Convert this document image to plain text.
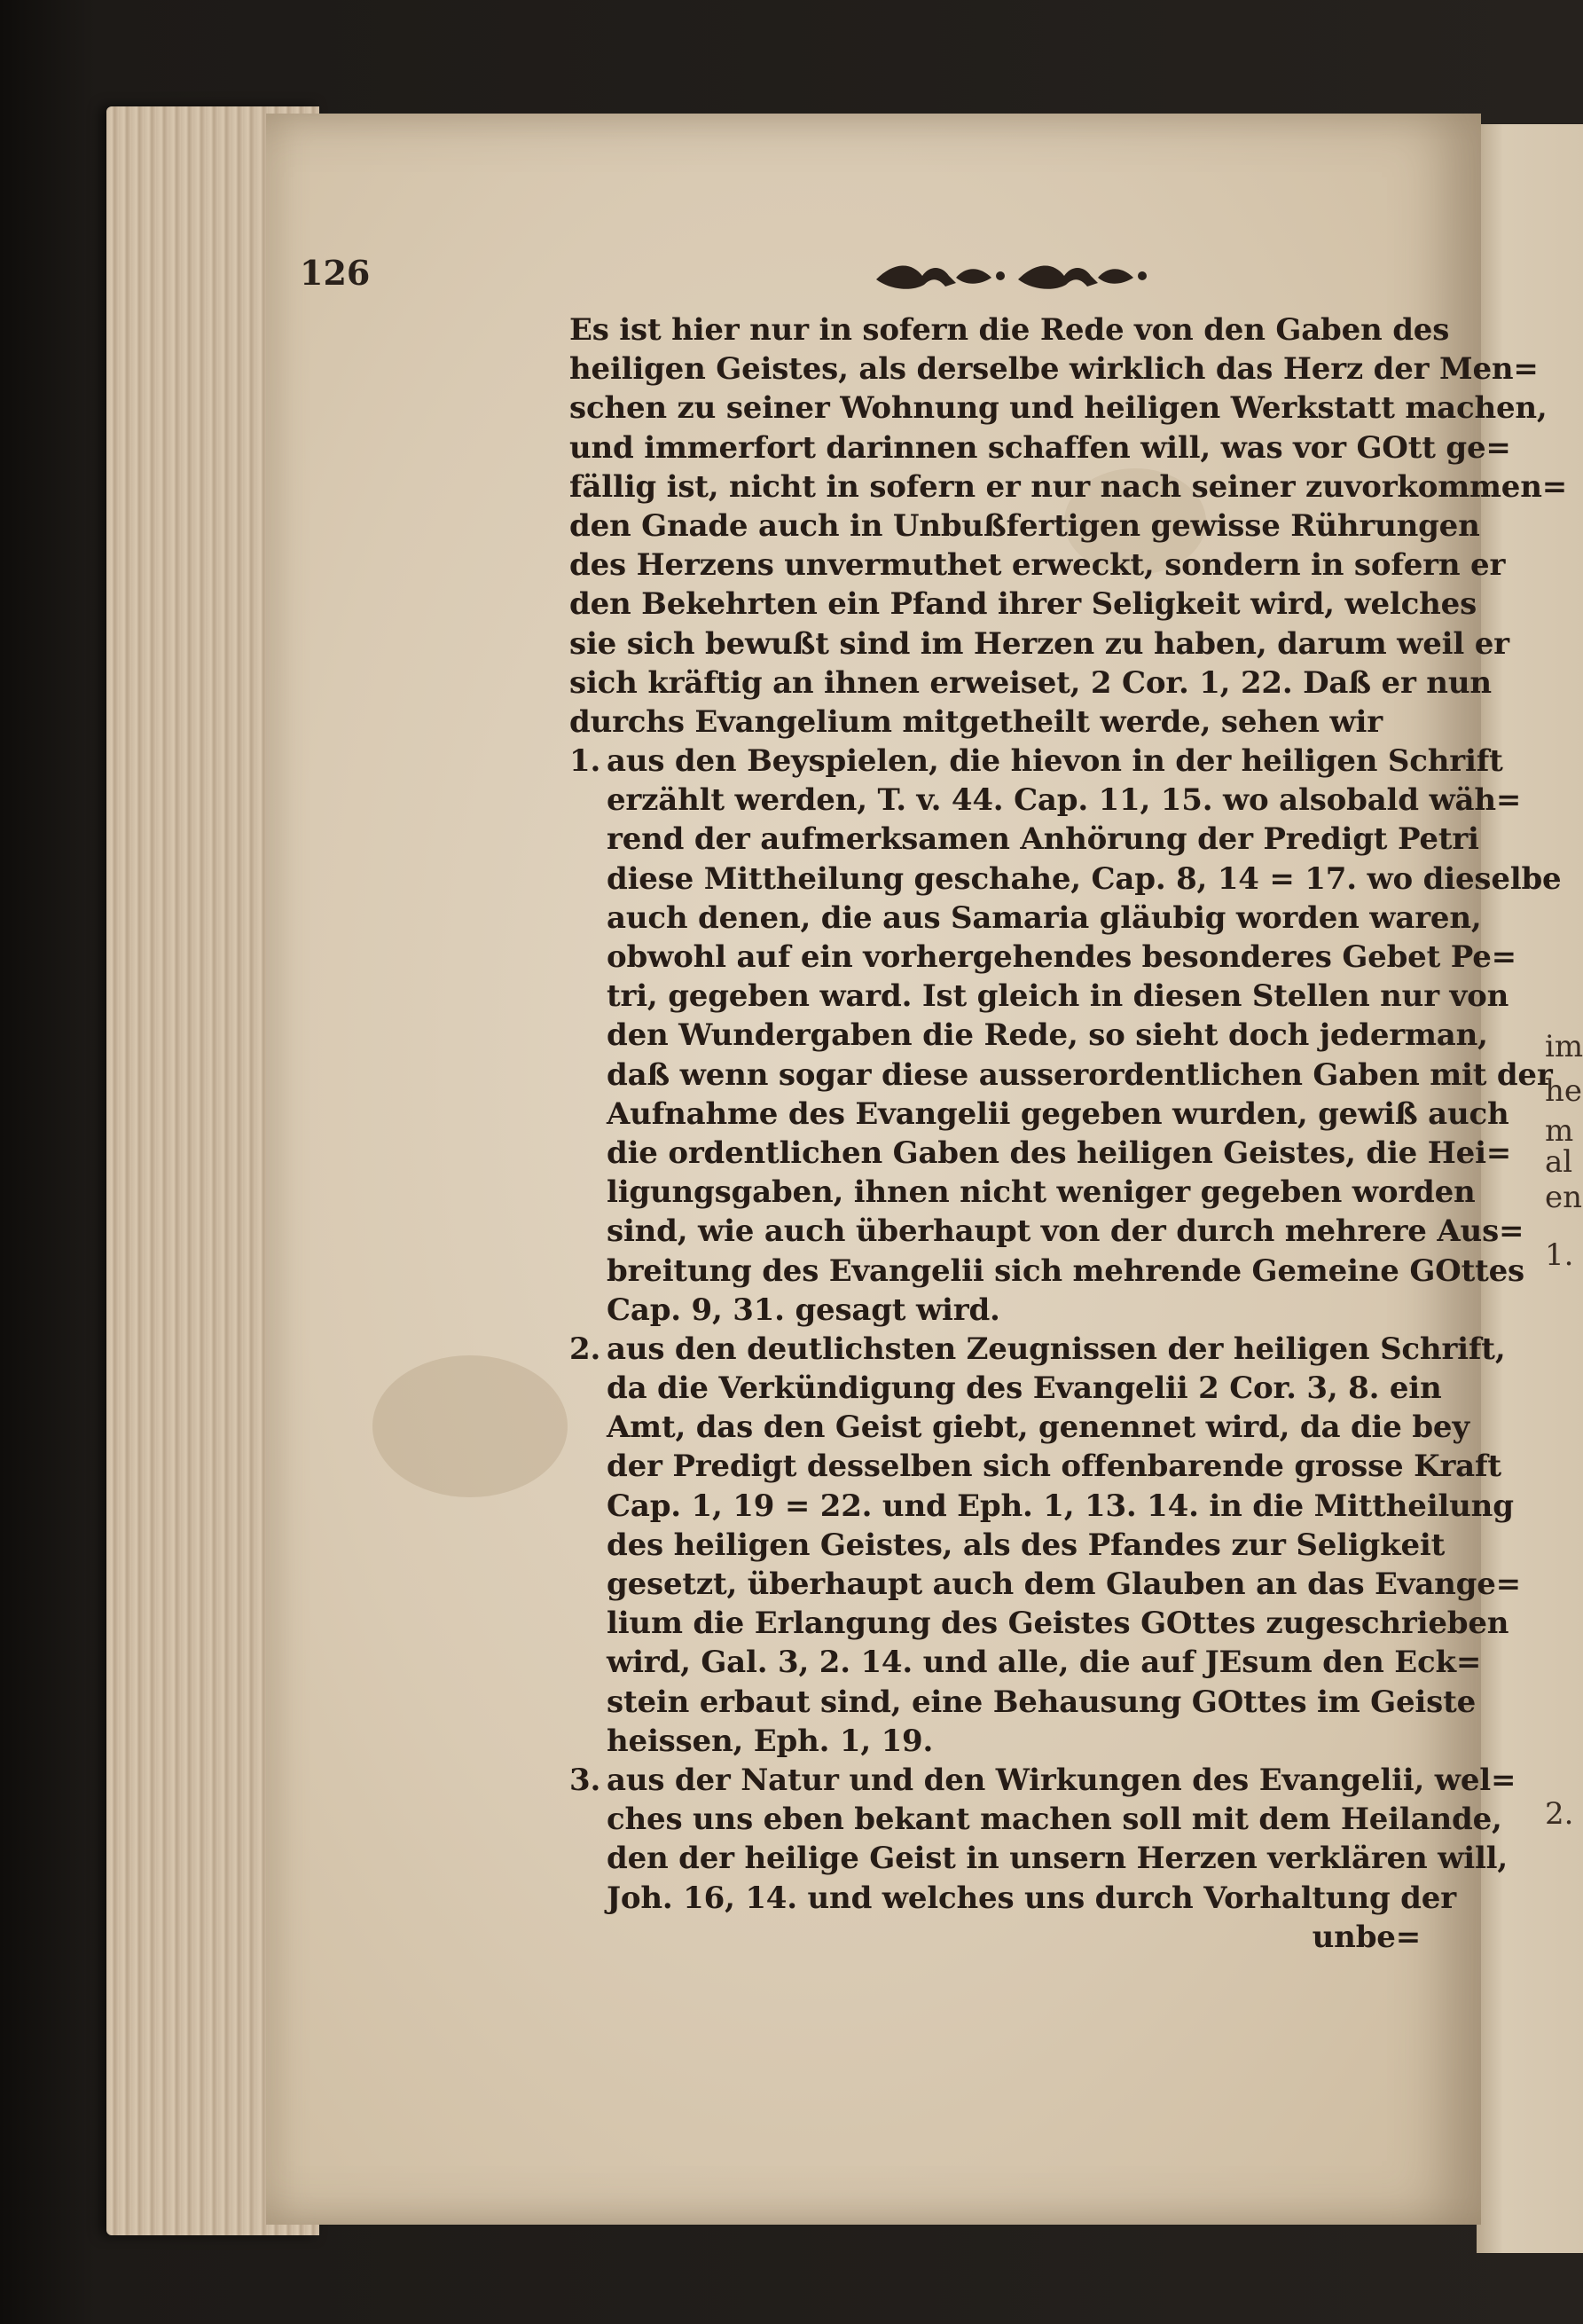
im
he
m
al
en
1.
2.
126
Es ist hier nur in sofern die Rede von den Gaben des
heiligen Geistes, als derselbe wirklich das Herz der Men=
schen zu seiner Wohnung und heiligen Werkstatt machen,
und immerfort darinnen schaffen will, was vor GOtt ge=
fällig ist, nicht in sofern er nur nach seiner zuvorkommen=
den Gnade auch in Unbußfertigen gewisse Rührungen
des Herzens unvermuthet erweckt, sondern in sofern er
den Bekehrten ein Pfand ihrer Seligkeit wird, welches
sie sich bewußt sind im Herzen zu haben, darum weil er
sich kräftig an ihnen erweiset, 2 Cor. 1, 22. Daß er nun
durchs Evangelium mitgetheilt werde, sehen wir
1. aus den Beyspielen, die hievon in der heiligen Schrift
erzählt werden, T. v. 44. Cap. 11, 15. wo alsobald wäh=
rend der aufmerksamen Anhörung der Predigt Petri
diese Mittheilung geschahe, Cap. 8, 14 = 17. wo dieselbe
auch denen, die aus Samaria gläubig worden waren,
obwohl auf ein vorhergehendes besonderes Gebet Pe=
tri, gegeben ward. Ist gleich in diesen Stellen nur von
den Wundergaben die Rede, so sieht doch jederman,
daß wenn sogar diese ausserordentlichen Gaben mit der
Aufnahme des Evangelii gegeben wurden, gewiß auch
die ordentlichen Gaben des heiligen Geistes, die Hei=
ligungsgaben, ihnen nicht weniger gegeben worden
sind, wie auch überhaupt von der durch mehrere Aus=
breitung des Evangelii sich mehrende Gemeine GOttes
Cap. 9, 31. gesagt wird.
2. aus den deutlichsten Zeugnissen der heiligen Schrift,
da die Verkündigung des Evangelii 2 Cor. 3, 8. ein
Amt, das den Geist giebt, genennet wird, da die bey
der Predigt desselben sich offenbarende grosse Kraft
Cap. 1, 19 = 22. und Eph. 1, 13. 14. in die Mittheilung
des heiligen Geistes, als des Pfandes zur Seligkeit
gesetzt, überhaupt auch dem Glauben an das Evange=
lium die Erlangung des Geistes GOttes zugeschrieben
wird, Gal. 3, 2. 14. und alle, die auf JEsum den Eck=
stein erbaut sind, eine Behausung GOttes im Geiste
heissen, Eph. 1, 19.
3. aus der Natur und den Wirkungen des Evangelii, wel=
ches uns eben bekant machen soll mit dem Heilande,
den der heilige Geist in unsern Herzen verklären will,
Joh. 16, 14. und welches uns durch Vorhaltung der
unbe=
